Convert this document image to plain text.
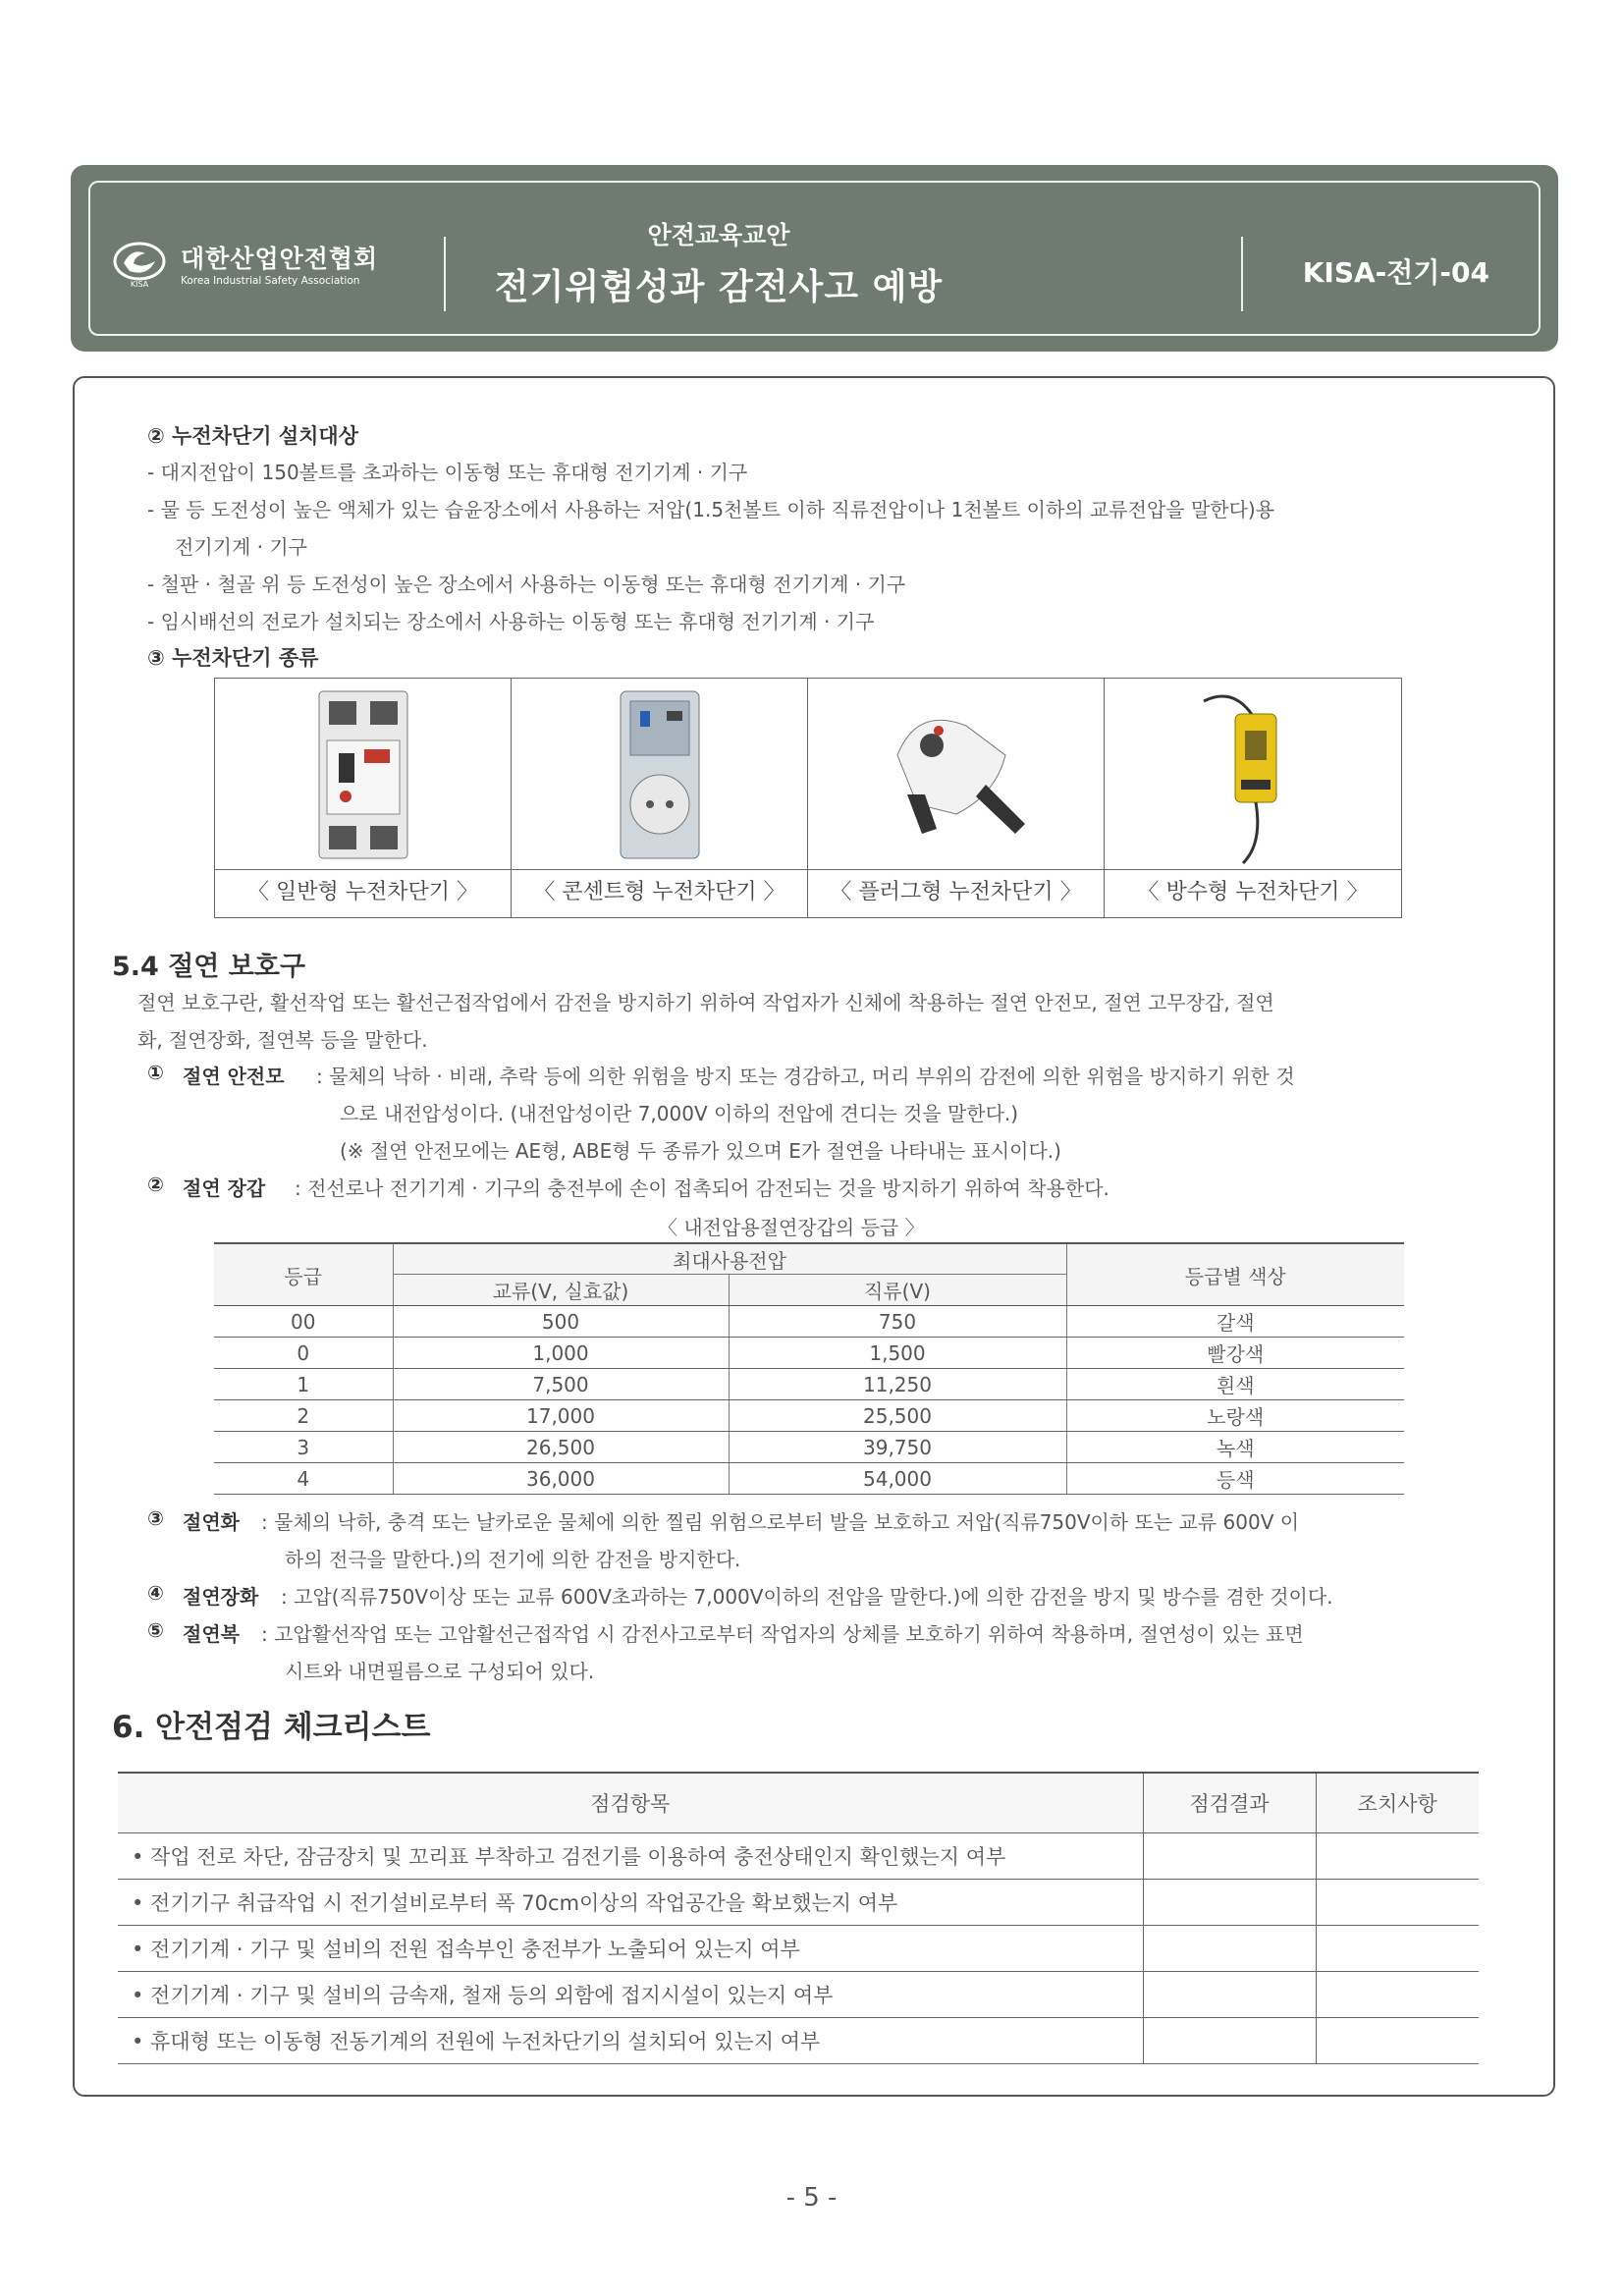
KISA
대한산업안전협회
Korea Industrial Safety Association
안전교육교안
전기위험성과 감전사고 예방	KISA-전기-04
② 누전차단기 설치대상
- 대지전압이 150볼트를 초과하는 이동형 또는 휴대형 전기기계 · 기구
- 물 등 도전성이 높은 액체가 있는 습윤장소에서 사용하는 저압(1.5천볼트 이하 직류전압이나 1천볼트 이하의 교류전압을 말한다)용
전기기계 · 기구
- 철판 · 철골 위 등 도전성이 높은 장소에서 사용하는 이동형 또는 휴대형 전기기계 · 기구
- 임시배선의 전로가 설치되는 장소에서 사용하는 이동형 또는 휴대형 전기기계 · 기구
③ 누전차단기 종류
〈 일반형 누전차단기 〉	〈 콘센트형 누전차단기 〉	〈 플러그형 누전차단기 〉	〈 방수형 누전차단기 〉
5.4 절연 보호구
절연 보호구란, 활선작업 또는 활선근접작업에서 감전을 방지하기 위하여 작업자가 신체에 착용하는 절연 안전모, 절연 고무장갑, 절연
화, 절연장화, 절연복 등을 말한다.
① 절연 안전모 : 물체의 낙하 · 비래, 추락 등에 의한 위험을 방지 또는 경감하고, 머리 부위의 감전에 의한 위험을 방지하기 위한 것
으로 내전압성이다. (내전압성이란 7,000V 이하의 전압에 견디는 것을 말한다.)
(※ 절연 안전모에는 AE형, ABE형 두 종류가 있으며 E가 절연을 나타내는 표시이다.)
② 절연 장갑 : 전선로나 전기기계 · 기구의 충전부에 손이 접촉되어 감전되는 것을 방지하기 위하여 착용한다.
〈 내전압용절연장갑의 등급 〉
등급	최대사용전압		등급별 색상
	교류(V, 실효값)	직류(V)	
00	500	750	갈색
0	1,000	1,500	빨강색
1	7,500	11,250	흰색
2	17,000	25,500	노랑색
3	26,500	39,750	녹색
4	36,000	54,000	등색
③ 절연화 : 물체의 낙하, 충격 또는 날카로운 물체에 의한 찔림 위험으로부터 발을 보호하고 저압(직류750V이하 또는 교류 600V 이
하의 전극을 말한다.)의 전기에 의한 감전을 방지한다.
④ 절연장화 : 고압(직류750V이상 또는 교류 600V초과하는 7,000V이하의 전압을 말한다.)에 의한 감전을 방지 및 방수를 겸한 것이다.
⑤ 절연복 : 고압활선작업 또는 고압활선근접작업 시 감전사고로부터 작업자의 상체를 보호하기 위하여 착용하며, 절연성이 있는 표면
시트와 내면필름으로 구성되어 있다.
6. 안전점검 체크리스트
점검항목	점검결과	조치사항
• 작업 전로 차단, 잠금장치 및 꼬리표 부착하고 검전기를 이용하여 충전상태인지 확인했는지 여부		
• 전기기구 취급작업 시 전기설비로부터 폭 70cm이상의 작업공간을 확보했는지 여부		
• 전기기계 · 기구 및 설비의 전원 접속부인 충전부가 노출되어 있는지 여부		
• 전기기계 · 기구 및 설비의 금속재, 철재 등의 외함에 접지시설이 있는지 여부		
• 휴대형 또는 이동형 전동기계의 전원에 누전차단기의 설치되어 있는지 여부		
- 5 -
